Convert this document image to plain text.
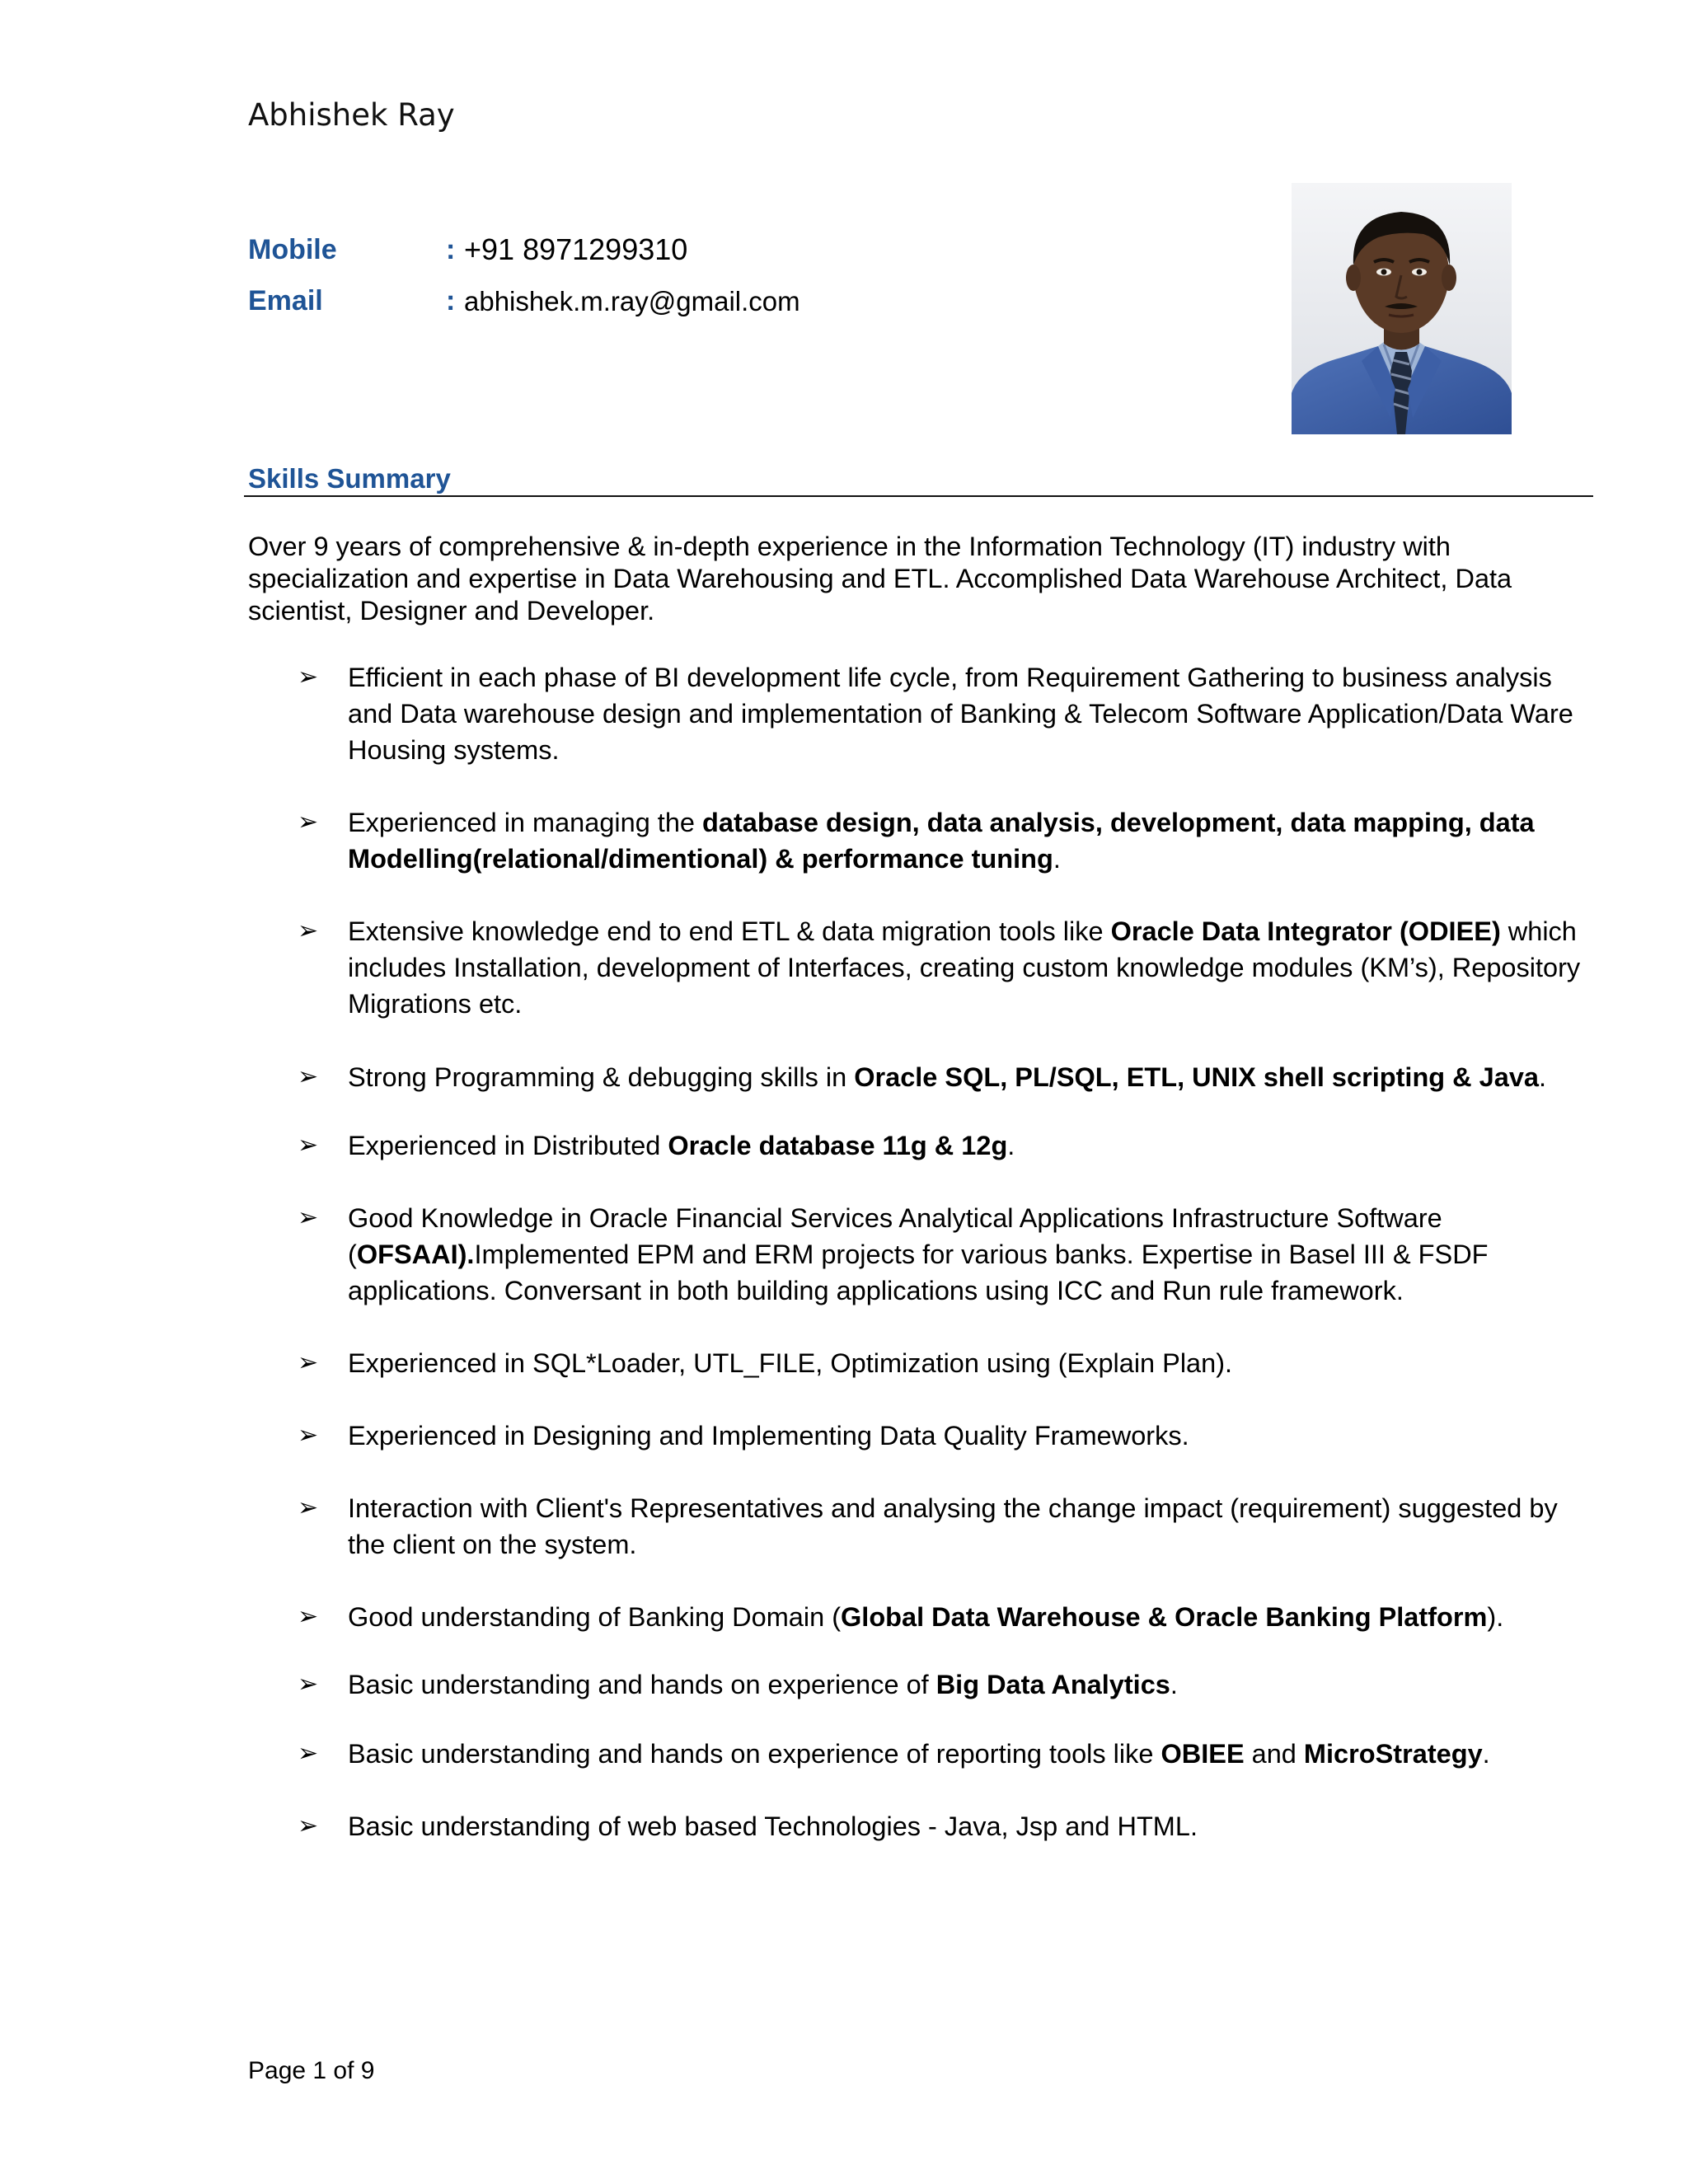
Abhishek Ray
Mobile	: +91 8971299310
Email	: abhishek.m.ray@gmail.com
Skills Summary
Over 9 years of comprehensive & in-depth experience in the Information Technology (IT) industry with specialization and expertise in Data Warehousing and ETL. Accomplished Data Warehouse Architect, Data scientist, Designer and Developer.
➢ Efficient in each phase of BI development life cycle, from Requirement Gathering to business analysis and Data warehouse design and implementation of Banking & Telecom Software Application/Data Ware Housing systems.
➢ Experienced in managing the database design, data analysis, development, data mapping, data Modelling(relational/dimentional) & performance tuning.
➢ Extensive knowledge end to end ETL & data migration tools like Oracle Data Integrator (ODIEE) which includes Installation, development of Interfaces, creating custom knowledge modules (KM’s), Repository Migrations etc.
➢ Strong Programming & debugging skills in Oracle SQL, PL/SQL, ETL, UNIX shell scripting & Java.
➢ Experienced in Distributed Oracle database 11g & 12g.
➢ Good Knowledge in Oracle Financial Services Analytical Applications Infrastructure Software (OFSAAI).Implemented EPM and ERM projects for various banks. Expertise in Basel III & FSDF applications. Conversant in both building applications using ICC and Run rule framework.
➢ Experienced in SQL*Loader, UTL_FILE, Optimization using (Explain Plan).
➢ Experienced in Designing and Implementing Data Quality Frameworks.
➢ Interaction with Client's Representatives and analysing the change impact (requirement) suggested by the client on the system.
➢ Good understanding of Banking Domain (Global Data Warehouse & Oracle Banking Platform).
➢ Basic understanding and hands on experience of Big Data Analytics.
➢ Basic understanding and hands on experience of reporting tools like OBIEE and MicroStrategy.
➢ Basic understanding of web based Technologies - Java, Jsp and HTML.
Page 1 of 9
